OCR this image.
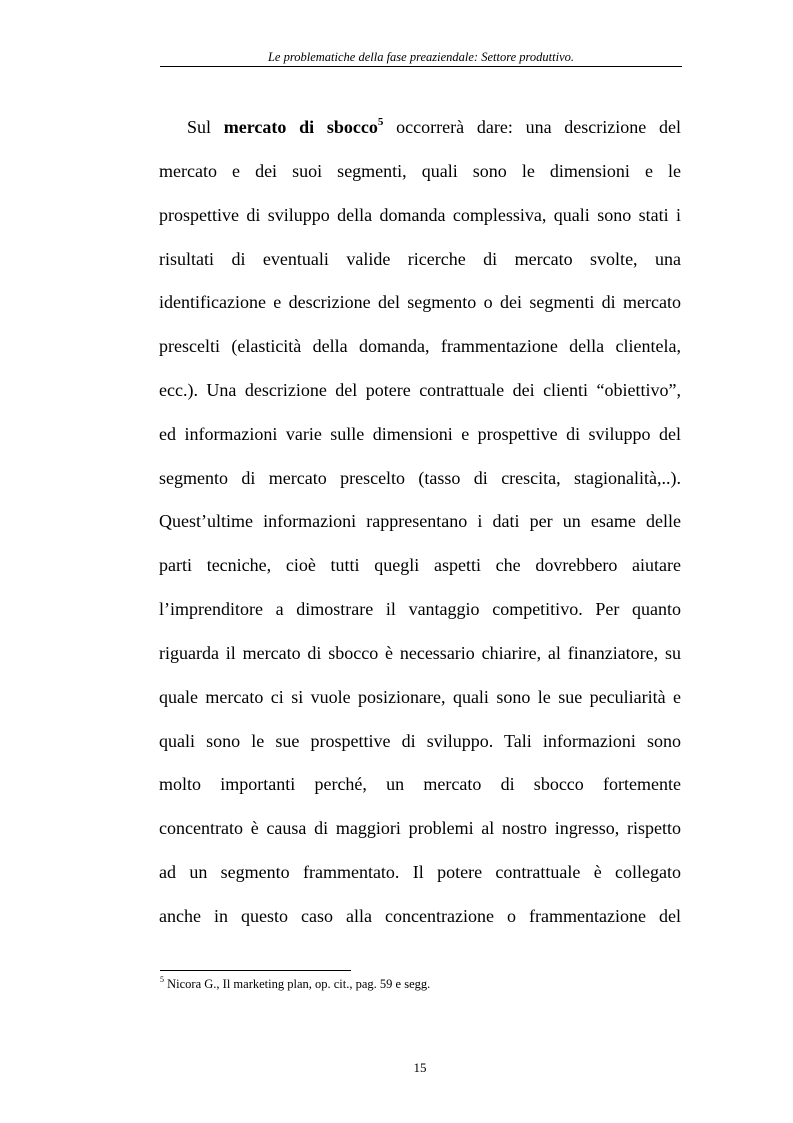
Le problematiche della fase preaziendale: Settore produttivo.
Sul mercato di sbocco$^5$ occorrerà dare: una descrizione del
mercato e dei suoi segmenti, quali sono le dimensioni e le
prospettive di sviluppo della domanda complessiva, quali sono stati i
risultati di eventuali valide ricerche di mercato svolte, una
identificazione e descrizione del segmento o dei segmenti di mercato
prescelti (elasticità della domanda, frammentazione della clientela,
ecc.). Una descrizione del potere contrattuale dei clienti “obiettivo”,
ed informazioni varie sulle dimensioni e prospettive di sviluppo del
segmento di mercato prescelto (tasso di crescita, stagionalità,..).
Quest’ultime informazioni rappresentano i dati per un esame delle
parti tecniche, cioè tutti quegli aspetti che dovrebbero aiutare
l’imprenditore a dimostrare il vantaggio competitivo. Per quanto
riguarda il mercato di sbocco è necessario chiarire, al finanziatore, su
quale mercato ci si vuole posizionare, quali sono le sue peculiarità e
quali sono le sue prospettive di sviluppo. Tali informazioni sono
molto importanti perché, un mercato di sbocco fortemente
concentrato è causa di maggiori problemi al nostro ingresso, rispetto
ad un segmento frammentato. Il potere contrattuale è collegato
anche in questo caso alla concentrazione o frammentazione del
$^5$ Nicora G., Il marketing plan, op. cit., pag. 59 e segg.
15
